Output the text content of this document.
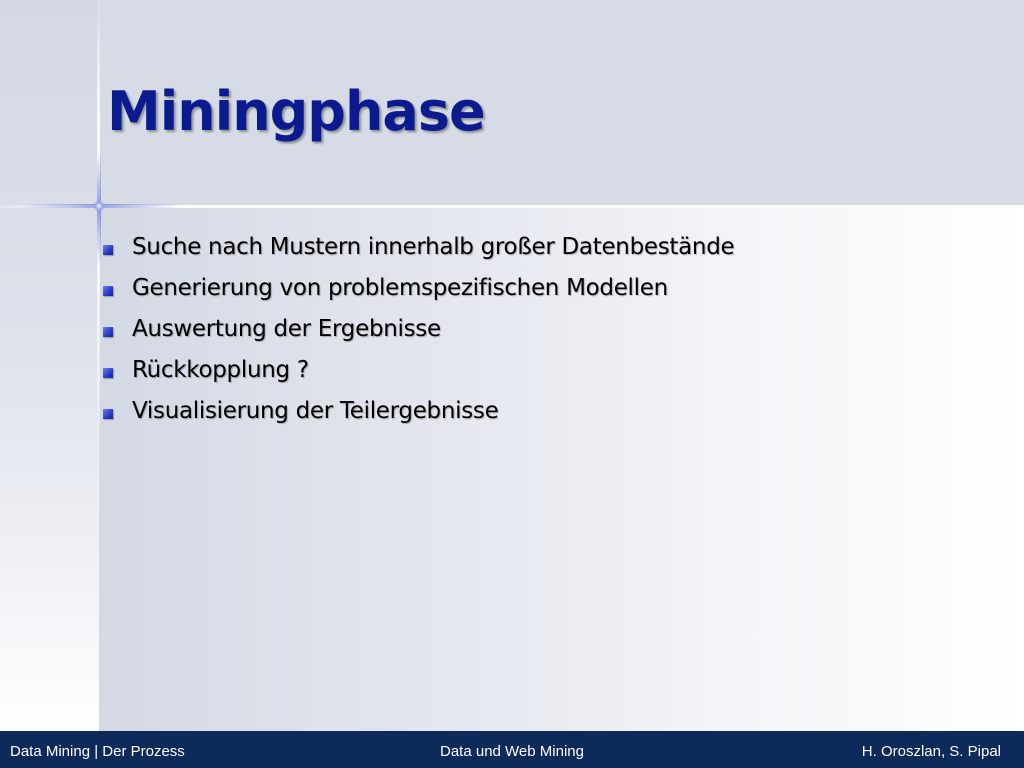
Miningphase
Suche nach Mustern innerhalb großer Datenbestände
Generierung von problemspezifischen Modellen
Auswertung der Ergebnisse
Rückkopplung ?
Visualisierung der Teilergebnisse
Data Mining | Der Prozess	Data und Web Mining	H. Oroszlan, S. Pipal
